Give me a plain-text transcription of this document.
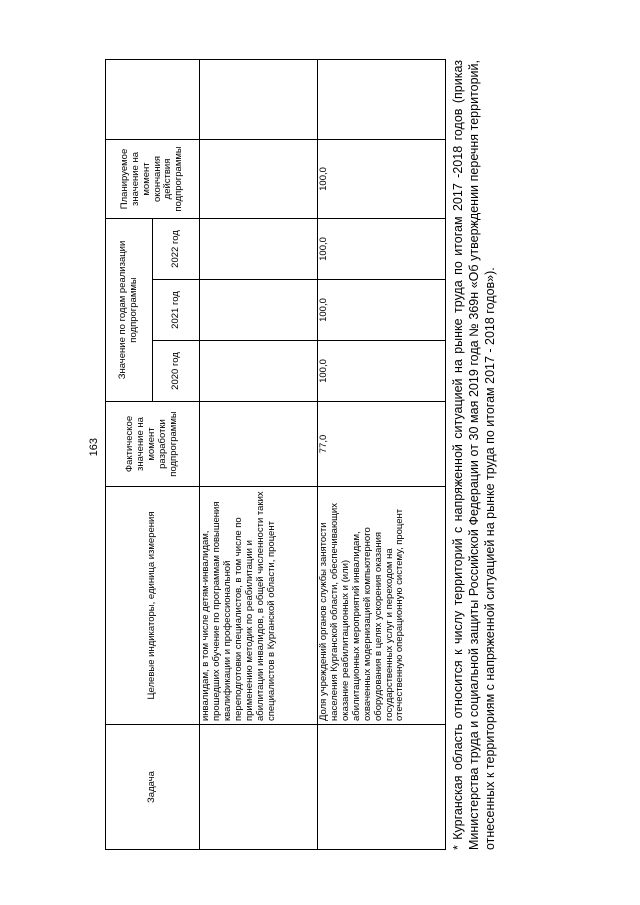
163
Задача	Целевые индикаторы, единица измерения	Фактическое значение на момент разработки подпрограммы	Значение по годам реализации подпрограммы			Планируемое значение на момент окончания действия подпрограммы	
			2020 год	2021 год	2022 год		
	инвалидам, в том числе детям-инвалидам, прошедших обучение по программам повышения квалификации и профессиональной переподготовки специалистов, в том числе по применению методик по реабилитации и абилитации инвалидов, в общей численности таких специалистов в Курганской области, процент						
	Доля учреждений органов службы занятости населения Курганской области, обеспечивающих оказание реабилитационных и (или) абилитационных мероприятий инвалидам, охваченных модернизацией компьютерного оборудования в целях ускорения оказания государственных услуг и переходом на отечественную операционную систему, процент	77,0	100,0	100,0	100,0	100,0		* Курганская область относится к числу территорий с напряженной ситуацией на рынке труда по итогам 2017 -2018 годов (приказ Министерства труда и социальной защиты Российской Федерации от 30 мая 2019 года № 369н «Об утверждении перечня территорий, отнесенных к территориям с напряженной ситуацией на рынке труда по итогам 2017 - 2018 годов»).
